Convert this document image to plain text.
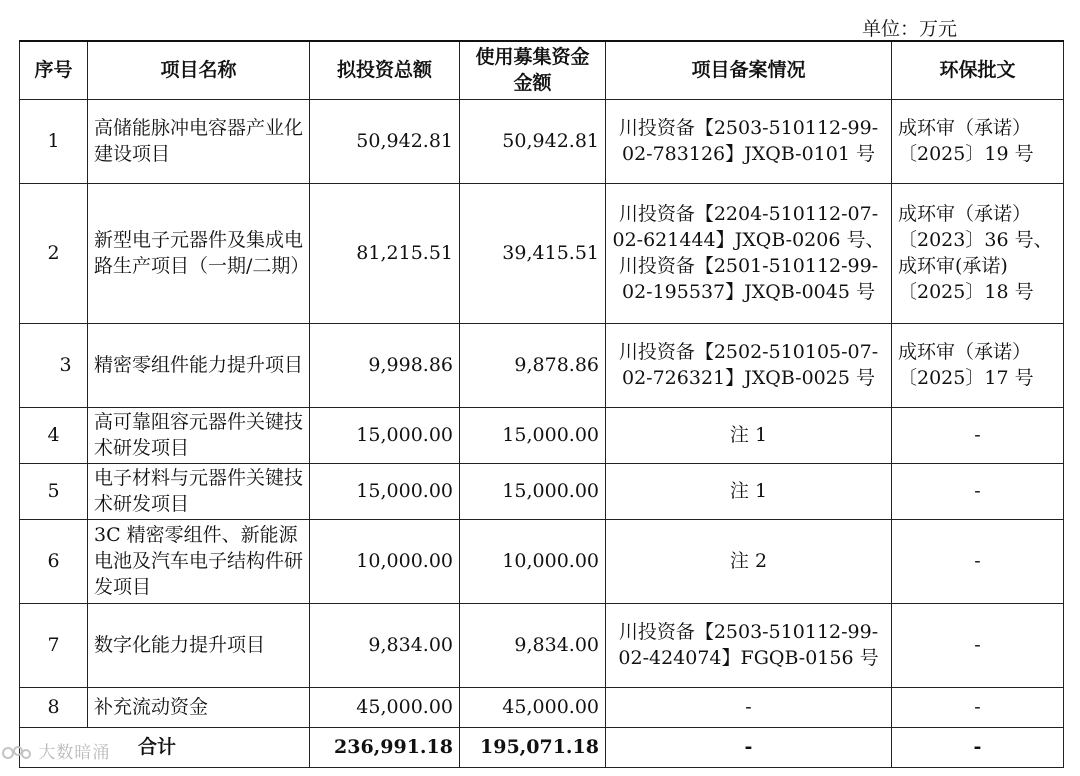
单位：万元
序号	项目名称	拟投资总额	使用募集资金金额	项目备案情况	环保批文
1	高储能脉冲电容器产业化建设项目	50,942.81	50,942.81	川投资备【2503-510112-99-02-783126】JXQB-0101 号	成环审（承诺）〔2025〕19 号
2	新型电子元器件及集成电路生产项目（一期/二期）	81,215.51	39,415.51	川投资备【2204-510112-07-02-621444】JXQB-0206 号、川投资备【2501-510112-99-02-195537】JXQB-0045 号	成环审（承诺）〔2023〕36 号、成环审(承诺)〔2025〕18 号
3	精密零组件能力提升项目	9,998.86	9,878.86	川投资备【2502-510105-07-02-726321】JXQB-0025 号	成环审（承诺）〔2025〕17 号
4	高可靠阻容元器件关键技术研发项目	15,000.00	15,000.00	注 1	-
5	电子材料与元器件关键技术研发项目	15,000.00	15,000.00	注 1	-
6	3C 精密零组件、新能源电池及汽车电子结构件研发项目	10,000.00	10,000.00	注 2	-
7	数字化能力提升项目	9,834.00	9,834.00	川投资备【2503-510112-99-02-424074】FGQB-0156 号	-
8	补充流动资金	45,000.00	45,000.00	-	-
合计		236,991.18	195,071.18	-	-
大数暗涌
